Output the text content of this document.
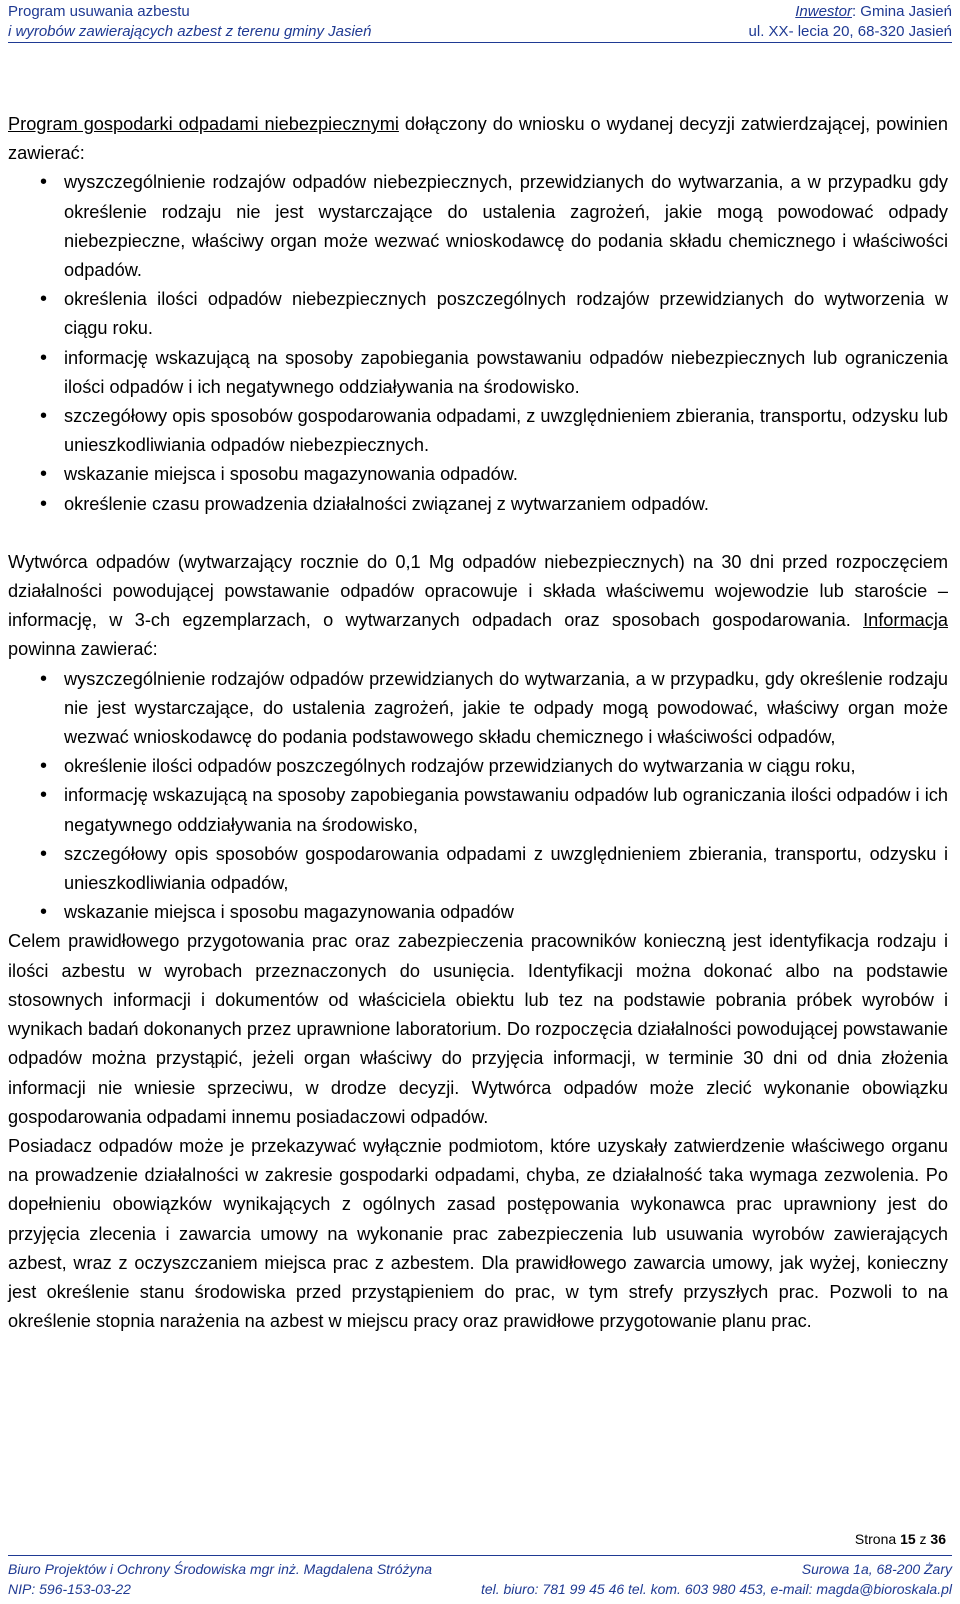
Program usuwania azbestu
i wyrobów zawierających azbest z terenu gminy Jasień
Inwestor: Gmina Jasień
ul. XX- lecia 20, 68-320 Jasień

Program gospodarki odpadami niebezpiecznymi dołączony do wniosku o wydanej decyzji zatwierdzającej, powinien zawierać:

• wyszczególnienie rodzajów odpadów niebezpiecznych, przewidzianych do wytwarzania, a w przypadku gdy określenie rodzaju nie jest wystarczające do ustalenia zagrożeń, jakie mogą powodować odpady niebezpieczne, właściwy organ może wezwać wnioskodawcę do podania składu chemicznego i właściwości odpadów.
• określenia ilości odpadów niebezpiecznych poszczególnych rodzajów przewidzianych do wytworzenia w ciągu roku.
• informację wskazującą na sposoby zapobiegania powstawaniu odpadów niebezpiecznych lub ograniczenia ilości odpadów i ich negatywnego oddziaływania na środowisko.
• szczegółowy opis sposobów gospodarowania odpadami, z uwzględnieniem zbierania, transportu, odzysku lub unieszkodliwiania odpadów niebezpiecznych.
• wskazanie miejsca i sposobu magazynowania odpadów.
• określenie czasu prowadzenia działalności związanej z wytwarzaniem odpadów.

Wytwórca odpadów (wytwarzający rocznie do 0,1 Mg odpadów niebezpiecznych) na 30 dni przed rozpoczęciem działalności powodującej powstawanie odpadów opracowuje i składa właściwemu wojewodzie lub staroście – informację, w 3-ch egzemplarzach, o wytwarzanych odpadach oraz sposobach gospodarowania. Informacja powinna zawierać:

• wyszczególnienie rodzajów odpadów przewidzianych do wytwarzania, a w przypadku, gdy określenie rodzaju nie jest wystarczające, do ustalenia zagrożeń, jakie te odpady mogą powodować, właściwy organ może wezwać wnioskodawcę do podania podstawowego składu chemicznego i właściwości odpadów,
• określenie ilości odpadów poszczególnych rodzajów przewidzianych do wytwarzania w ciągu roku,
• informację wskazującą na sposoby zapobiegania powstawaniu odpadów lub ograniczania ilości odpadów i ich negatywnego oddziaływania na środowisko,
• szczegółowy opis sposobów gospodarowania odpadami z uwzględnieniem zbierania, transportu, odzysku i unieszkodliwiania odpadów,
• wskazanie miejsca i sposobu magazynowania odpadów

Celem prawidłowego przygotowania prac oraz zabezpieczenia pracowników konieczną jest identyfikacja rodzaju i ilości azbestu w wyrobach przeznaczonych do usunięcia. Identyfikacji można dokonać albo na podstawie stosownych informacji i dokumentów od właściciela obiektu lub tez na podstawie pobrania próbek wyrobów i wynikach badań dokonanych przez uprawnione laboratorium. Do rozpoczęcia działalności powodującej powstawanie odpadów można przystąpić, jeżeli organ właściwy do przyjęcia informacji, w terminie 30 dni od dnia złożenia informacji nie wniesie sprzeciwu, w drodze decyzji. Wytwórca odpadów może zlecić wykonanie obowiązku gospodarowania odpadami innemu posiadaczowi odpadów.

Posiadacz odpadów może je przekazywać wyłącznie podmiotom, które uzyskały zatwierdzenie właściwego organu na prowadzenie działalności w zakresie gospodarki odpadami, chyba, ze działalność taka wymaga zezwolenia. Po dopełnieniu obowiązków wynikających z ogólnych zasad postępowania wykonawca prac uprawniony jest do przyjęcia zlecenia i zawarcia umowy na wykonanie prac zabezpieczenia lub usuwania wyrobów zawierających azbest, wraz z oczyszczaniem miejsca prac z azbestem. Dla prawidłowego zawarcia umowy, jak wyżej, konieczny jest określenie stanu środowiska przed przystąpieniem do prac, w tym strefy przyszłych prac. Pozwoli to na określenie stopnia narażenia na azbest w miejscu pracy oraz prawidłowe przygotowanie planu prac.

Strona 15 z 36
Biuro Projektów i Ochrony Środowiska mgr inż. Magdalena Stróżyna
NIP: 596-153-03-22
Surowa 1a, 68-200 Żary
tel. biuro: 781 99 45 46 tel. kom. 603 980 453, e-mail: magda@bioroskala.pl
